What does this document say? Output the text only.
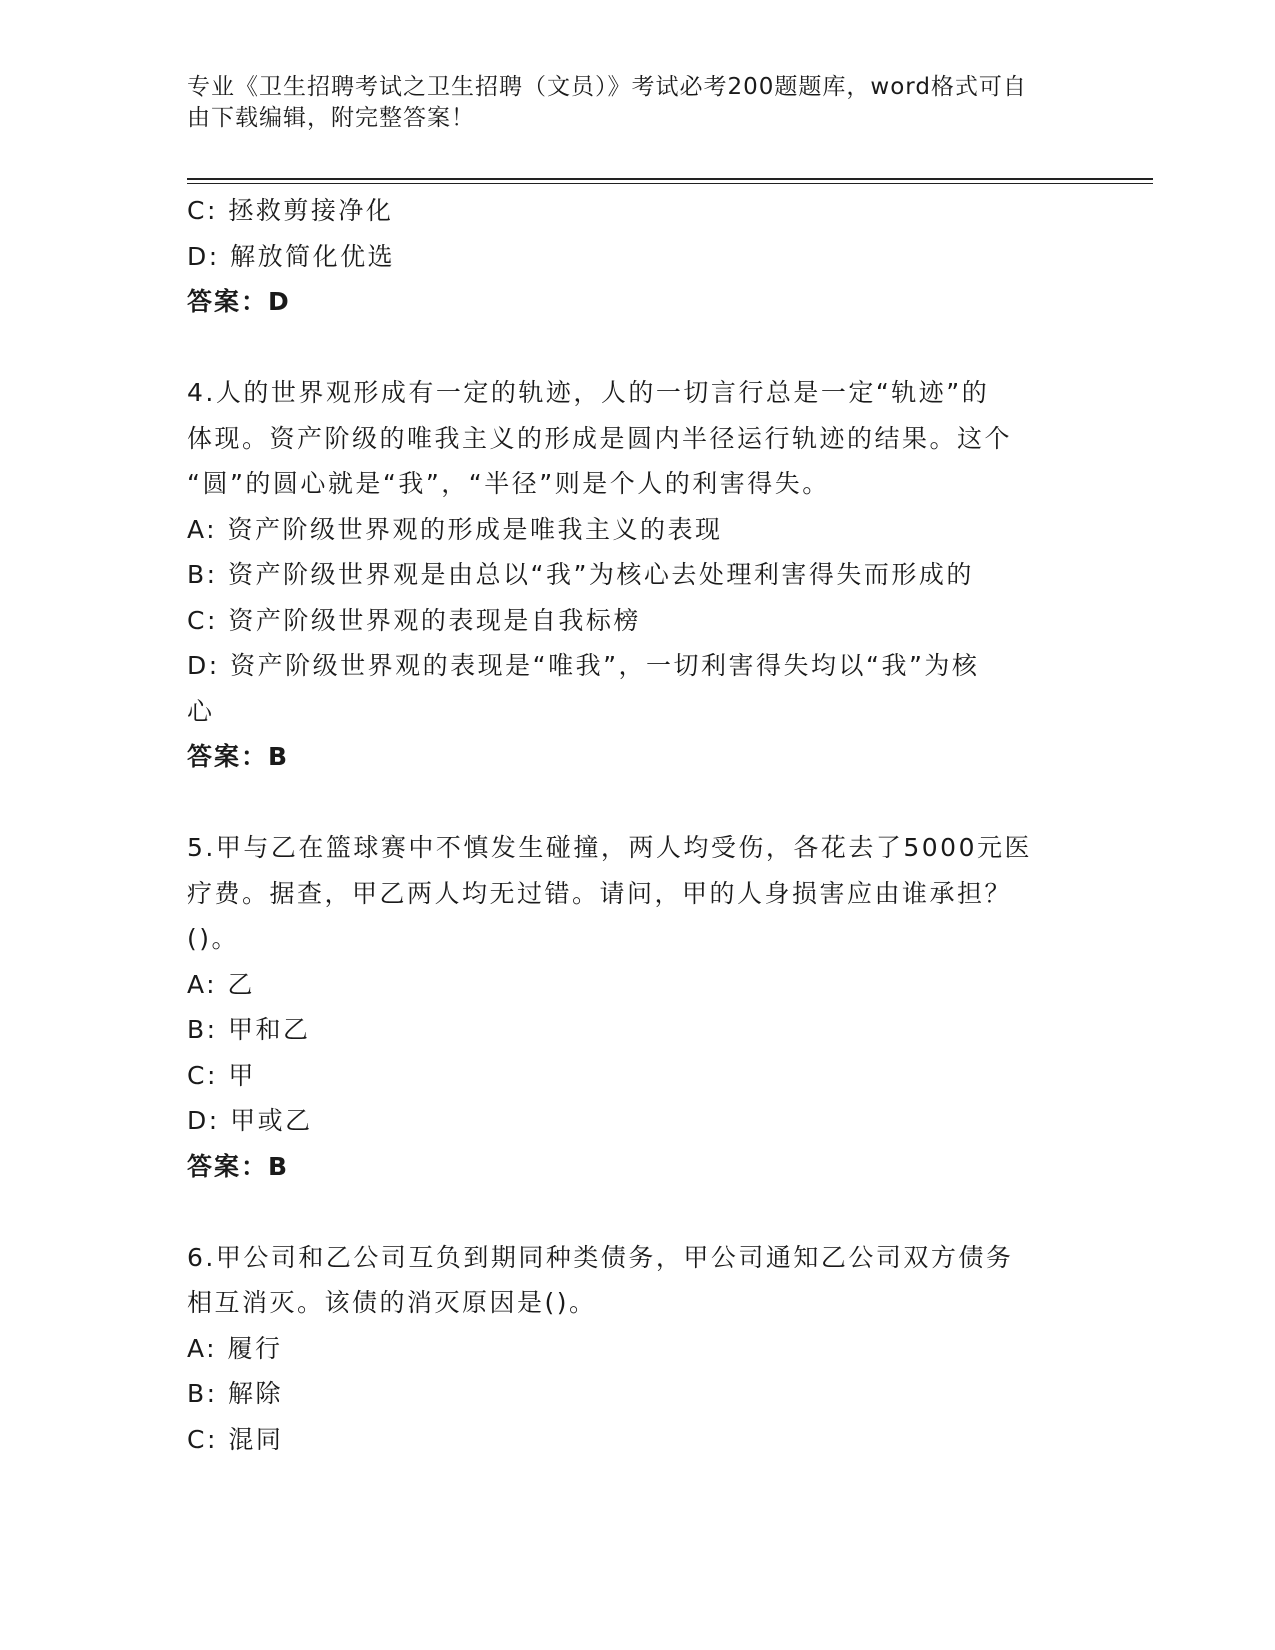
专业《卫生招聘考试之卫生招聘（文员）》考试必考200题题库，word格式可自
由下载编辑，附完整答案！
C: 拯救剪接净化
D: 解放简化优选
答案：D
4.人的世界观形成有一定的轨迹，人的一切言行总是一定“轨迹”的
体现。资产阶级的唯我主义的形成是圆内半径运行轨迹的结果。这个
“圆”的圆心就是“我”，“半径”则是个人的利害得失。
A: 资产阶级世界观的形成是唯我主义的表现
B: 资产阶级世界观是由总以“我”为核心去处理利害得失而形成的
C: 资产阶级世界观的表现是自我标榜
D: 资产阶级世界观的表现是“唯我”，一切利害得失均以“我”为核
心
答案：B
5.甲与乙在篮球赛中不慎发生碰撞，两人均受伤，各花去了5000元医
疗费。据查，甲乙两人均无过错。请问，甲的人身损害应由谁承担？
()。
A: 乙
B: 甲和乙
C: 甲
D: 甲或乙
答案：B
6.甲公司和乙公司互负到期同种类债务，甲公司通知乙公司双方债务
相互消灭。该债的消灭原因是()。
A: 履行
B: 解除
C: 混同
